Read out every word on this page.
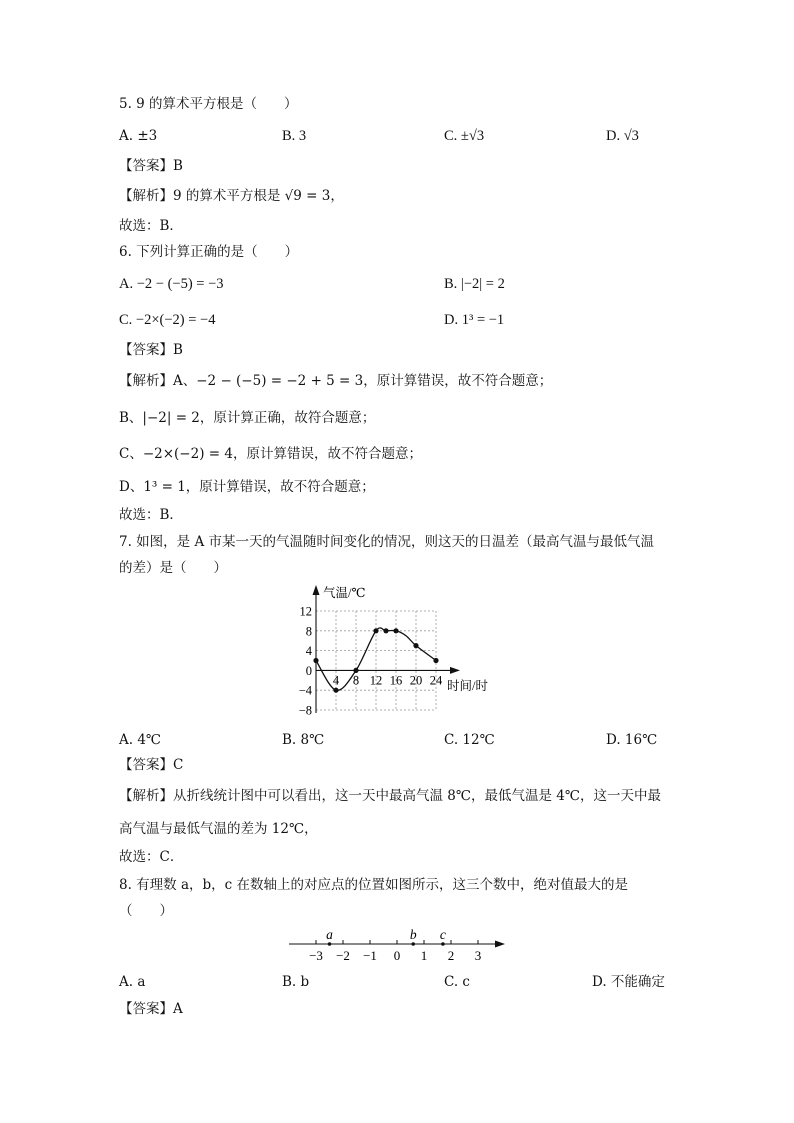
5. 9 的算术平方根是（　　）
A. ±3	B. 3	C. ±√3	D. √3
【答案】B
【解析】9 的算术平方根是 √9 = 3，
故选：B．
6. 下列计算正确的是（　　）
A. −2 − (−5) = −3	B. |−2| = 2
C. −2×(−2) = −4	D. 1³ = −1
【答案】B
【解析】A、−2 − (−5) = −2 + 5 = 3，原计算错误，故不符合题意；
B、|−2| = 2，原计算正确，故符合题意；
C、−2×(−2) = 4，原计算错误，故不符合题意；
D、1³ = 1，原计算错误，故不符合题意；
故选：B．
7. 如图，是 A 市某一天的气温随时间变化的情况，则这天的日温差（最高气温与最低气温
的差）是（　　）
气温/℃
时间/时
12
8
4
0
−4
−8
4 8 12 16 20 24
A. 4℃	B. 8℃	C. 12℃	D. 16℃
【答案】C
【解析】从折线统计图中可以看出，这一天中最高气温 8℃，最低气温是 4℃，这一天中最
高气温与最低气温的差为 12℃，
故选：C．
8. 有理数 a，b，c 在数轴上的对应点的位置如图所示，这三个数中，绝对值最大的是
（　　）
−3 −2 −1 0 1 2 3
a	b c
A. a	B. b	C. c	D. 不能确定
【答案】A
